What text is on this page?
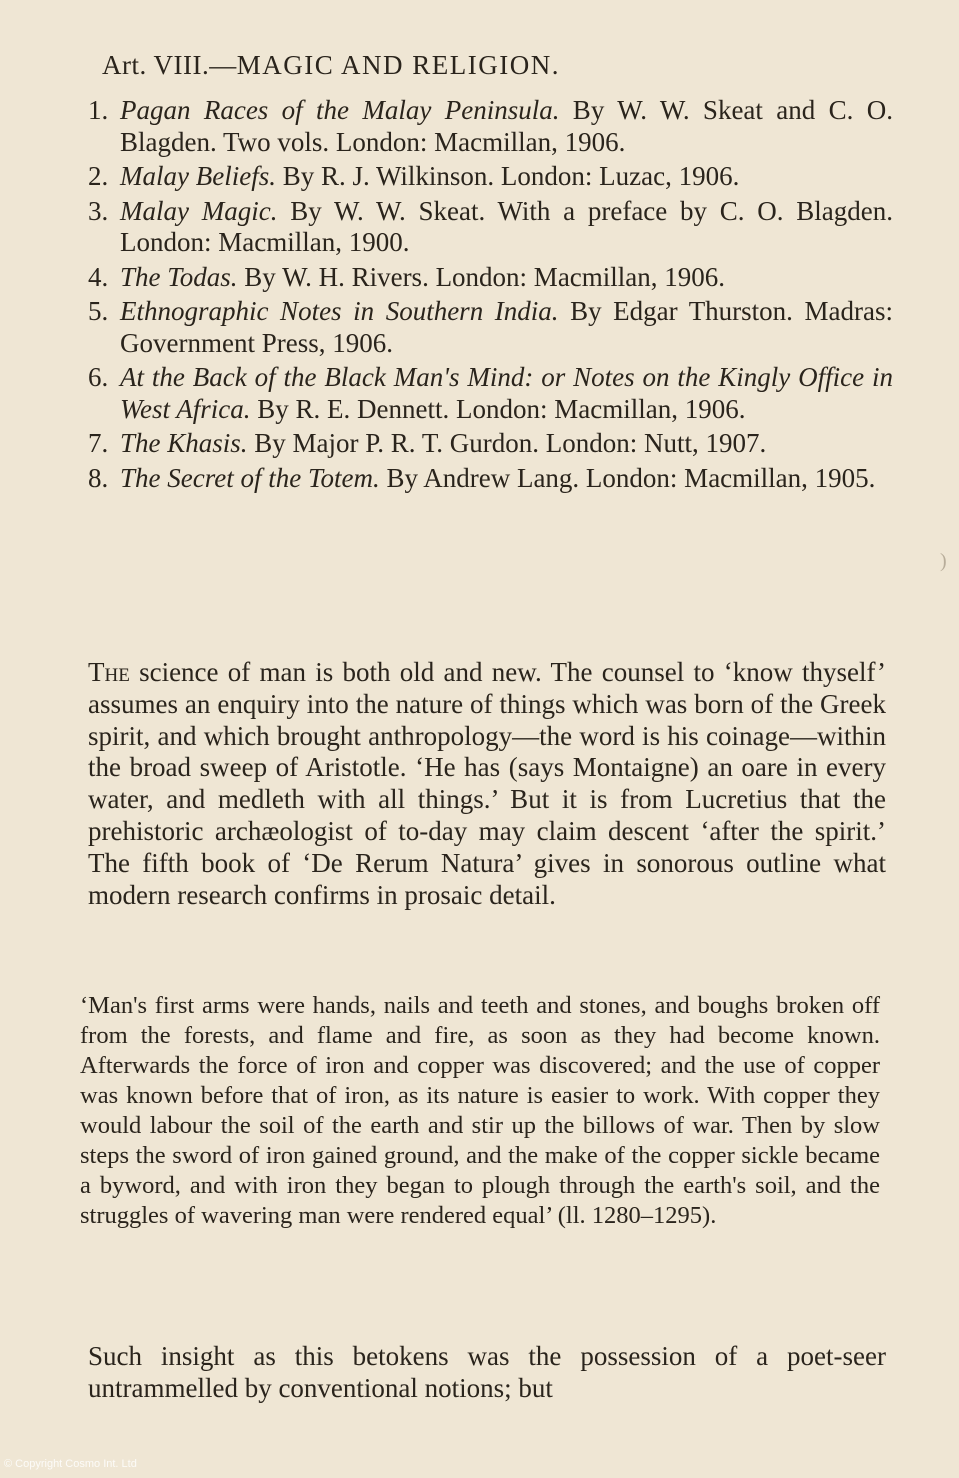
Art. VIII.—MAGIC AND RELIGION.
1. Pagan Races of the Malay Peninsula. By W. W. Skeat and C. O. Blagden. Two vols. London: Macmillan, 1906.
2. Malay Beliefs. By R. J. Wilkinson. London: Luzac, 1906.
3. Malay Magic. By W. W. Skeat. With a preface by C. O. Blagden. London: Macmillan, 1900.
4. The Todas. By W. H. Rivers. London: Macmillan, 1906.
5. Ethnographic Notes in Southern India. By Edgar Thurston. Madras: Government Press, 1906.
6. At the Back of the Black Man's Mind: or Notes on the Kingly Office in West Africa. By R. E. Dennett. London: Macmillan, 1906.
7. The Khasis. By Major P. R. T. Gurdon. London: Nutt, 1907.
8. The Secret of the Totem. By Andrew Lang. London: Macmillan, 1905.

The science of man is both old and new. The counsel to ‘know thyself’ assumes an enquiry into the nature of things which was born of the Greek spirit, and which brought anthropology—the word is his coinage—within the broad sweep of Aristotle. ‘He has (says Montaigne) an oare in every water, and medleth with all things.’ But it is from Lucretius that the prehistoric archæologist of to-day may claim descent ‘after the spirit.’ The fifth book of ‘De Rerum Natura’ gives in sonorous outline what modern research confirms in prosaic detail.

‘Man's first arms were hands, nails and teeth and stones, and boughs broken off from the forests, and flame and fire, as soon as they had become known. Afterwards the force of iron and copper was discovered; and the use of copper was known before that of iron, as its nature is easier to work. With copper they would labour the soil of the earth and stir up the billows of war. Then by slow steps the sword of iron gained ground, and the make of the copper sickle became a byword, and with iron they began to plough through the earth's soil, and the struggles of wavering man were rendered equal’ (ll. 1280–1295).

Such insight as this betokens was the possession of a poet-seer untrammelled by conventional notions; but

)
© Copyright Cosmo Int. Ltd
